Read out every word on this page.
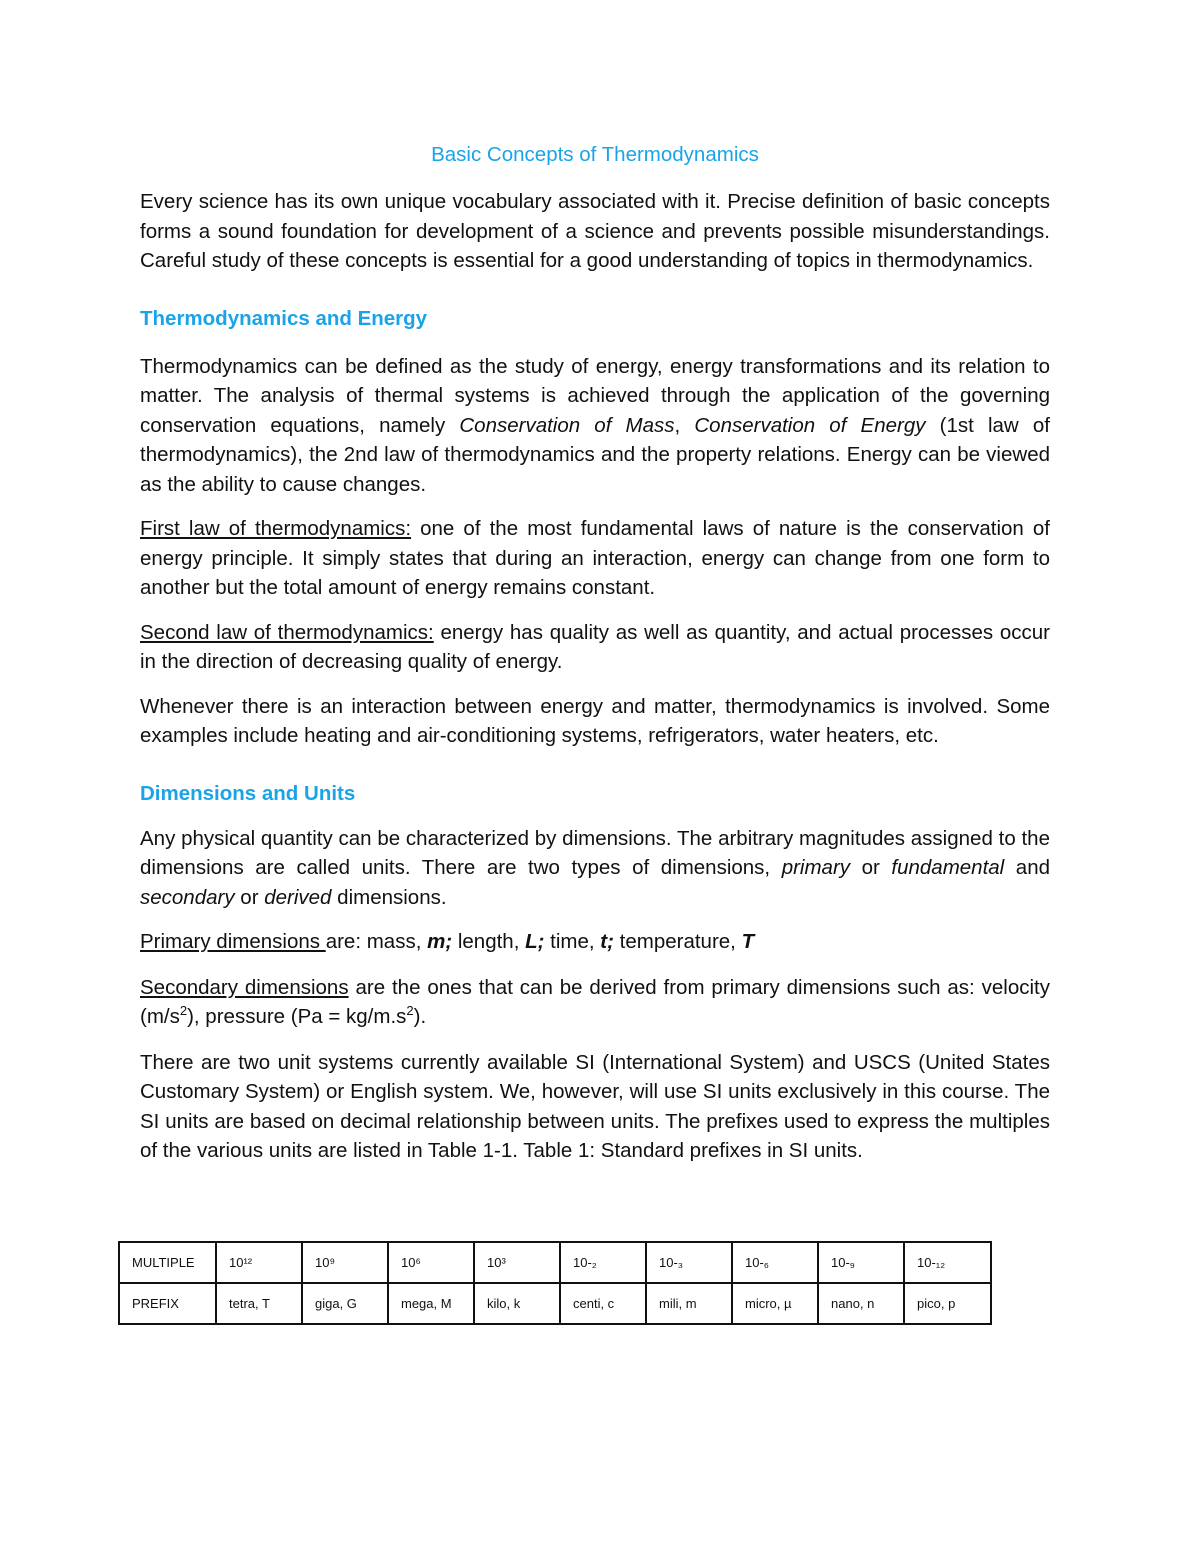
Basic Concepts of Thermodynamics

Every science has its own unique vocabulary associated with it. Precise definition of basic concepts forms a sound foundation for development of a science and prevents possible misunderstandings. Careful study of these concepts is essential for a good understanding of topics in thermodynamics.

Thermodynamics and Energy

Thermodynamics can be defined as the study of energy, energy transformations and its relation to matter. The analysis of thermal systems is achieved through the application of the governing conservation equations, namely Conservation of Mass, Conservation of Energy (1st law of thermodynamics), the 2nd law of thermodynamics and the property relations. Energy can be viewed as the ability to cause changes.

First law of thermodynamics: one of the most fundamental laws of nature is the conservation of energy principle. It simply states that during an interaction, energy can change from one form to another but the total amount of energy remains constant.

Second law of thermodynamics: energy has quality as well as quantity, and actual processes occur in the direction of decreasing quality of energy.

Whenever there is an interaction between energy and matter, thermodynamics is involved. Some examples include heating and air-conditioning systems, refrigerators, water heaters, etc.

Dimensions and Units

Any physical quantity can be characterized by dimensions. The arbitrary magnitudes assigned to the dimensions are called units. There are two types of dimensions, primary or fundamental and secondary or derived dimensions.

Primary dimensions are: mass, m; length, L; time, t; temperature, T

Secondary dimensions are the ones that can be derived from primary dimensions such as: velocity $(m/s^2)$, pressure $(Pa = kg/m.s^2)$.

There are two unit systems currently available SI (International System) and USCS (United States Customary System) or English system. We, however, will use SI units exclusively in this course. The SI units are based on decimal relationship between units. The prefixes used to express the multiples of the various units are listed in Table 1-1. Table 1: Standard prefixes in SI units.

MULTIPLE	10¹²	10⁹	10⁶	10³	10-₂	10-₃	10-₆	10-₉	10-₁₂
PREFIX	tetra, T	giga, G	mega, M	kilo, k	centi, c	mili, m	micro, µ	nano, n	pico, p
